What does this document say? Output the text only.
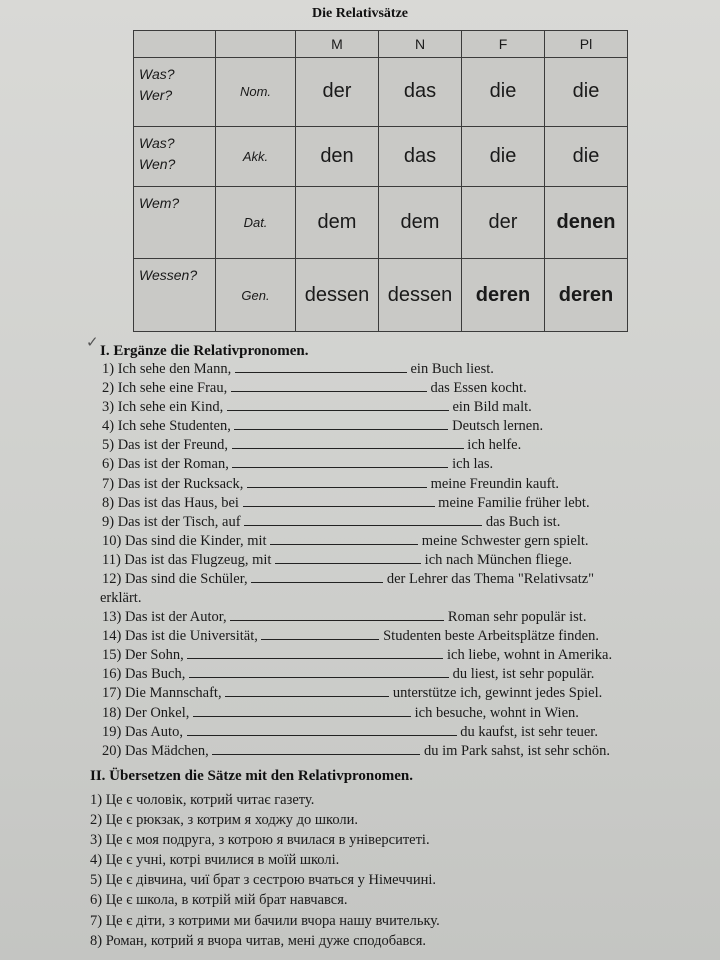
Die Relativsätze
		M	N	F	Pl

Was?
Wer?	Nom.	der	das	die	die

Was?
Wen?	Akk.	den	das	die	die

Wem?	Dat.	dem	dem	der	denen

Wessen?	Gen.	dessen	dessen	deren	deren
✓ I. Ergänze die Relativpronomen.
1) Ich sehe den Mann,	ein Buch liest.
2) Ich sehe eine Frau,	das Essen kocht.
3) Ich sehe ein Kind,	ein Bild malt.
4) Ich sehe Studenten,	Deutsch lernen.
5) Das ist der Freund,	ich helfe.
6) Das ist der Roman,	ich las.
7) Das ist der Rucksack,	meine Freundin kauft.
8) Das ist das Haus, bei	meine Familie früher lebt.
9) Das ist der Tisch, auf	das Buch ist.
10) Das sind die Kinder, mit	meine Schwester gern spielt.
11) Das ist das Flugzeug, mit	ich nach München fliege.
12) Das sind die Schüler,	der Lehrer das Thema "Relativsatz"
erklärt.
13) Das ist der Autor,	Roman sehr populär ist.
14) Das ist die Universität,	Studenten beste Arbeitsplätze finden.
15) Der Sohn,	ich liebe, wohnt in Amerika.
16) Das Buch,	du liest, ist sehr populär.
17) Die Mannschaft,	unterstütze ich, gewinnt jedes Spiel.
18) Der Onkel,	ich besuche, wohnt in Wien.
19) Das Auto,	du kaufst, ist sehr teuer.
20) Das Mädchen,	du im Park sahst, ist sehr schön.
II. Übersetzen die Sätze mit den Relativpronomen.
1) Це є чоловік, котрий читає газету.
2) Це є рюкзак, з котрим я ходжу до школи.
3) Це є моя подруга, з котрою я вчилася в університеті.
4) Це є учні, котрі вчилися в моїй школі.
5) Це є дівчина, чиї брат з сестрою вчаться у Німеччині.
6) Це є школа, в котрій мій брат навчався.
7) Це є діти, з котрими ми бачили вчора нашу вчительку.
8) Роман, котрий я вчора читав, мені дуже сподобався.
